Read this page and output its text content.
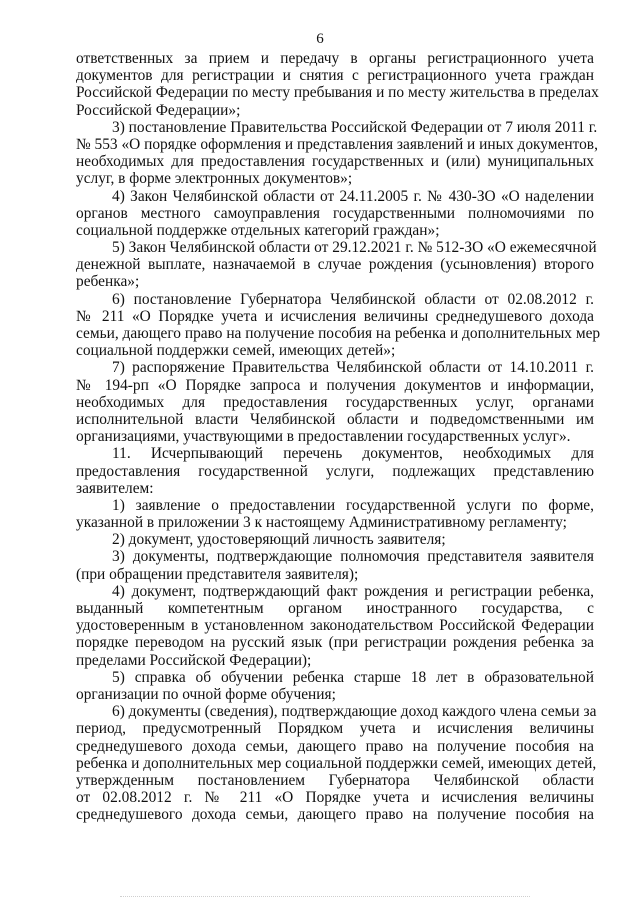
6
ответственных за прием и передачу в органы регистрационного учета
документов для регистрации и снятия с регистрационного учета граждан
Российской Федерации по месту пребывания и по месту жительства в пределах
Российской Федерации»;
3) постановление Правительства Российской Федерации от 7 июля 2011 г.
№ 553 «О порядке оформления и представления заявлений и иных документов,
необходимых для предоставления государственных и (или) муниципальных
услуг, в форме электронных документов»;
4) Закон Челябинской области от 24.11.2005 г. № 430-ЗО «О наделении
органов местного самоуправления государственными полномочиями по
социальной поддержке отдельных категорий граждан»;
5) Закон Челябинской области от 29.12.2021 г. № 512-ЗО «О ежемесячной
денежной выплате, назначаемой в случае рождения (усыновления) второго
ребенка»;
6) постановление Губернатора Челябинской области от 02.08.2012 г.
№ 211 «О Порядке учета и исчисления величины среднедушевого дохода
семьи, дающего право на получение пособия на ребенка и дополнительных мер
социальной поддержки семей, имеющих детей»;
7) распоряжение Правительства Челябинской области от 14.10.2011 г.
№ 194-рп «О Порядке запроса и получения документов и информации,
необходимых для предоставления государственных услуг, органами
исполнительной власти Челябинской области и подведомственными им
организациями, участвующими в предоставлении государственных услуг».
11. Исчерпывающий перечень документов, необходимых для
предоставления государственной услуги, подлежащих представлению
заявителем:
1) заявление о предоставлении государственной услуги по форме,
указанной в приложении 3 к настоящему Административному регламенту;
2) документ, удостоверяющий личность заявителя;
3) документы, подтверждающие полномочия представителя заявителя
(при обращении представителя заявителя);
4) документ, подтверждающий факт рождения и регистрации ребенка,
выданный компетентным органом иностранного государства, с
удостоверенным в установленном законодательством Российской Федерации
порядке переводом на русский язык (при регистрации рождения ребенка за
пределами Российской Федерации);
5) справка об обучении ребенка старше 18 лет в образовательной
организации по очной форме обучения;
6) документы (сведения), подтверждающие доход каждого члена семьи за
период, предусмотренный Порядком учета и исчисления величины
среднедушевого дохода семьи, дающего право на получение пособия на
ребенка и дополнительных мер социальной поддержки семей, имеющих детей,
утвержденным постановлением Губернатора Челябинской области
от 02.08.2012 г. № 211 «О Порядке учета и исчисления величины
среднедушевого дохода семьи, дающего право на получение пособия на
